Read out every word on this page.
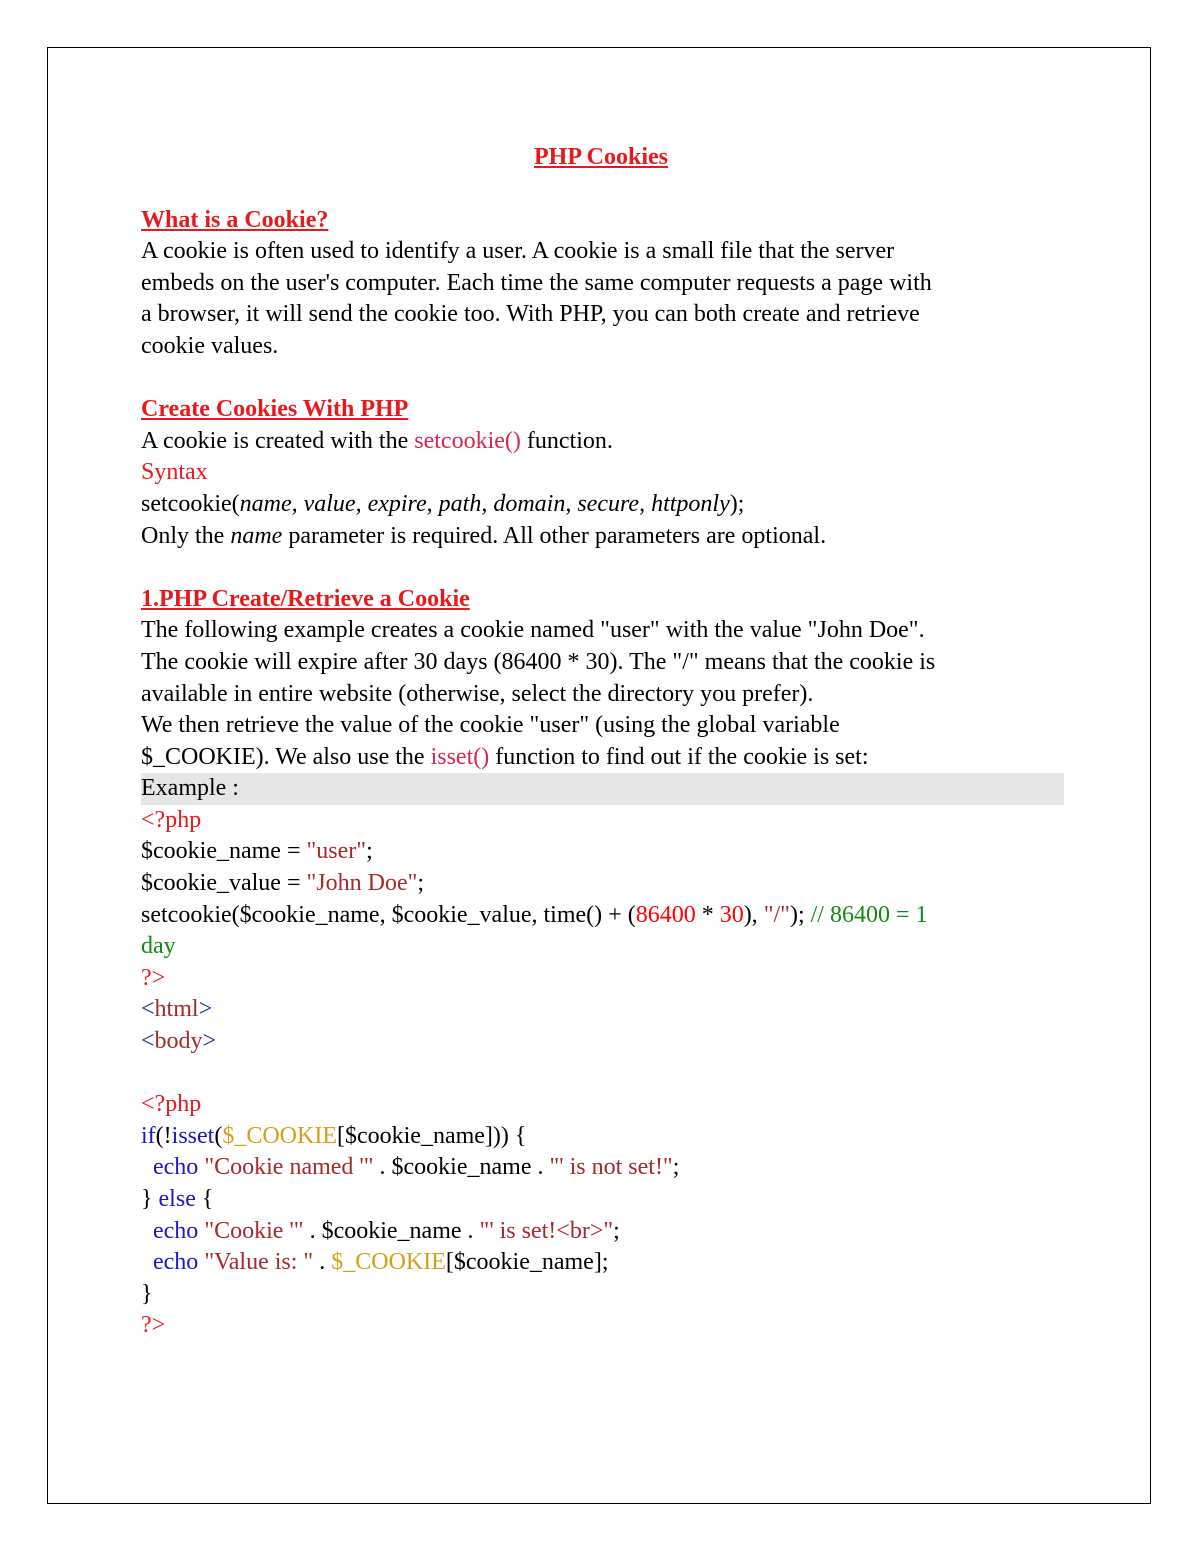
PHP Cookies
What is a Cookie?
A cookie is often used to identify a user. A cookie is a small file that the server
embeds on the user's computer. Each time the same computer requests a page with
a browser, it will send the cookie too. With PHP, you can both create and retrieve
cookie values.
Create Cookies With PHP
A cookie is created with the setcookie() function.
Syntax
setcookie(name, value, expire, path, domain, secure, httponly);
Only the name parameter is required. All other parameters are optional.
1.PHP Create/Retrieve a Cookie
The following example creates a cookie named "user" with the value "John Doe".
The cookie will expire after 30 days (86400 * 30). The "/" means that the cookie is
available in entire website (otherwise, select the directory you prefer).
We then retrieve the value of the cookie "user" (using the global variable
$_COOKIE). We also use the isset() function to find out if the cookie is set:
Example :
<?php
$cookie_name = "user";
$cookie_value = "John Doe";
setcookie($cookie_name, $cookie_value, time() + (86400 * 30), "/"); // 86400 = 1
day
?>
<html>
<body>
<?php
if(!isset($_COOKIE[$cookie_name])) {
echo "Cookie named '" . $cookie_name . "' is not set!";
} else {
echo "Cookie '" . $cookie_name . "' is set!<br>";
echo "Value is: " . $_COOKIE[$cookie_name];
}
?>
